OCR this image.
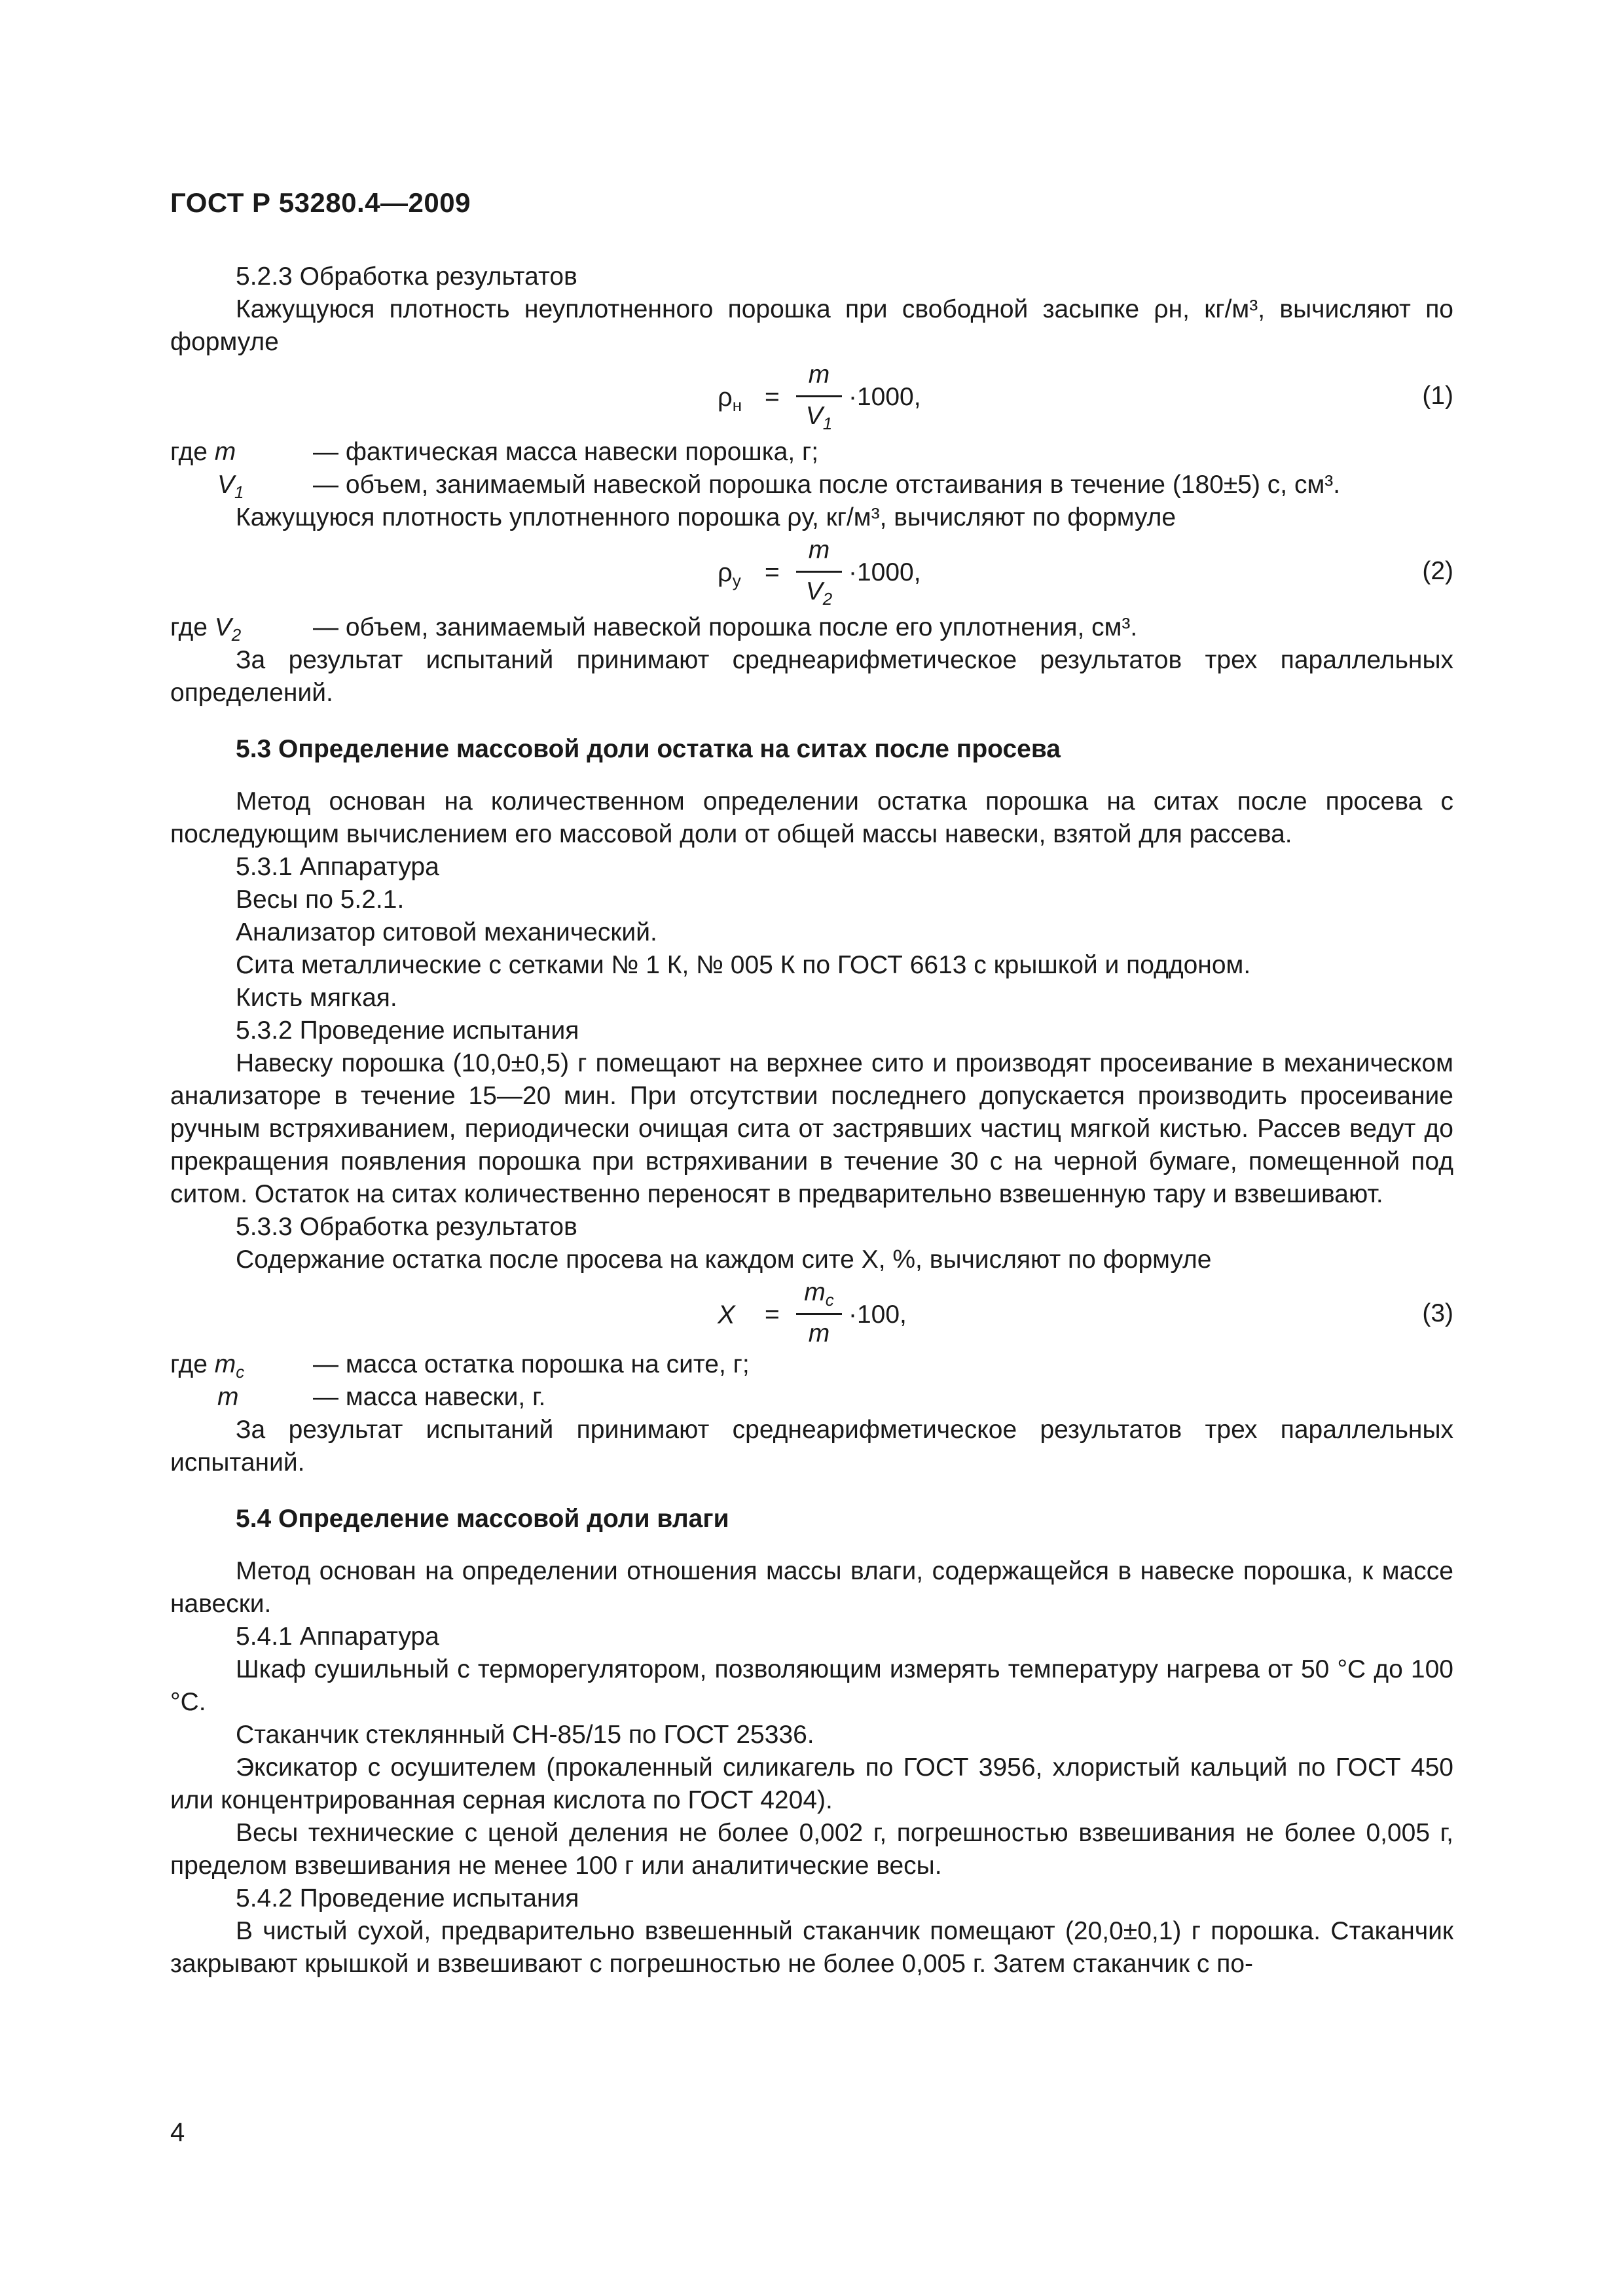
ГОСТ Р 53280.4—2009

5.2.3 Обработка результатов

Кажущуюся плотность неуплотненного порошка при свободной засыпке ρн, кг/м³, вычисляют по формуле

$\rho_н$ =
m
$V_1$
·1000,	(1)
где m	— фактическая масса навески порошка, г;
$V_1$	— объем, занимаемый навеской порошка после отстаивания в течение (180±5) с, см³.

Кажущуюся плотность уплотненного порошка ρу, кг/м³, вычисляют по формуле

$\rho_у$ =
m
$V_2$
·1000,	(2)
где $V_2$	— объем, занимаемый навеской порошка после его уплотнения, см³.

За результат испытаний принимают среднеарифметическое результатов трех параллельных определений.

5.3 Определение массовой доли остатка на ситах после просева

Метод основан на количественном определении остатка порошка на ситах после просева с последующим вычислением его массовой доли от общей массы навески, взятой для рассева.

5.3.1 Аппаратура

Весы по 5.2.1.

Анализатор ситовой механический.

Сита металлические с сетками № 1 К, № 005 К по ГОСТ 6613 с крышкой и поддоном.

Кисть мягкая.

5.3.2 Проведение испытания

Навеску порошка (10,0±0,5) г помещают на верхнее сито и производят просеивание в механическом анализаторе в течение 15—20 мин. При отсутствии последнего допускается производить просеивание ручным встряхиванием, периодически очищая сита от застрявших частиц мягкой кистью. Рассев ведут до прекращения появления порошка при встряхивании в течение 30 с на черной бумаге, помещенной под ситом. Остаток на ситах количественно переносят в предварительно взвешенную тару и взвешивают.

5.3.3 Обработка результатов

Содержание остатка после просева на каждом сите X, %, вычисляют по формуле

X =
$m_с$
m
·100,	(3)
где $m_с$	— масса остатка порошка на сите, г;
m	— масса навески, г.

За результат испытаний принимают среднеарифметическое результатов трех параллельных испытаний.

5.4 Определение массовой доли влаги

Метод основан на определении отношения массы влаги, содержащейся в навеске порошка, к массе навески.

5.4.1 Аппаратура

Шкаф сушильный с терморегулятором, позволяющим измерять температуру нагрева от 50 °С до 100 °С.

Стаканчик стеклянный СН-85/15 по ГОСТ 25336.

Эксикатор с осушителем (прокаленный силикагель по ГОСТ 3956, хлористый кальций по ГОСТ 450 или концентрированная серная кислота по ГОСТ 4204).

Весы технические с ценой деления не более 0,002 г, погрешностью взвешивания не более 0,005 г, пределом взвешивания не менее 100 г или аналитические весы.

5.4.2 Проведение испытания

В чистый сухой, предварительно взвешенный стаканчик помещают (20,0±0,1) г порошка. Стаканчик закрывают крышкой и взвешивают с погрешностью не более 0,005 г. Затем стаканчик с по-

4
